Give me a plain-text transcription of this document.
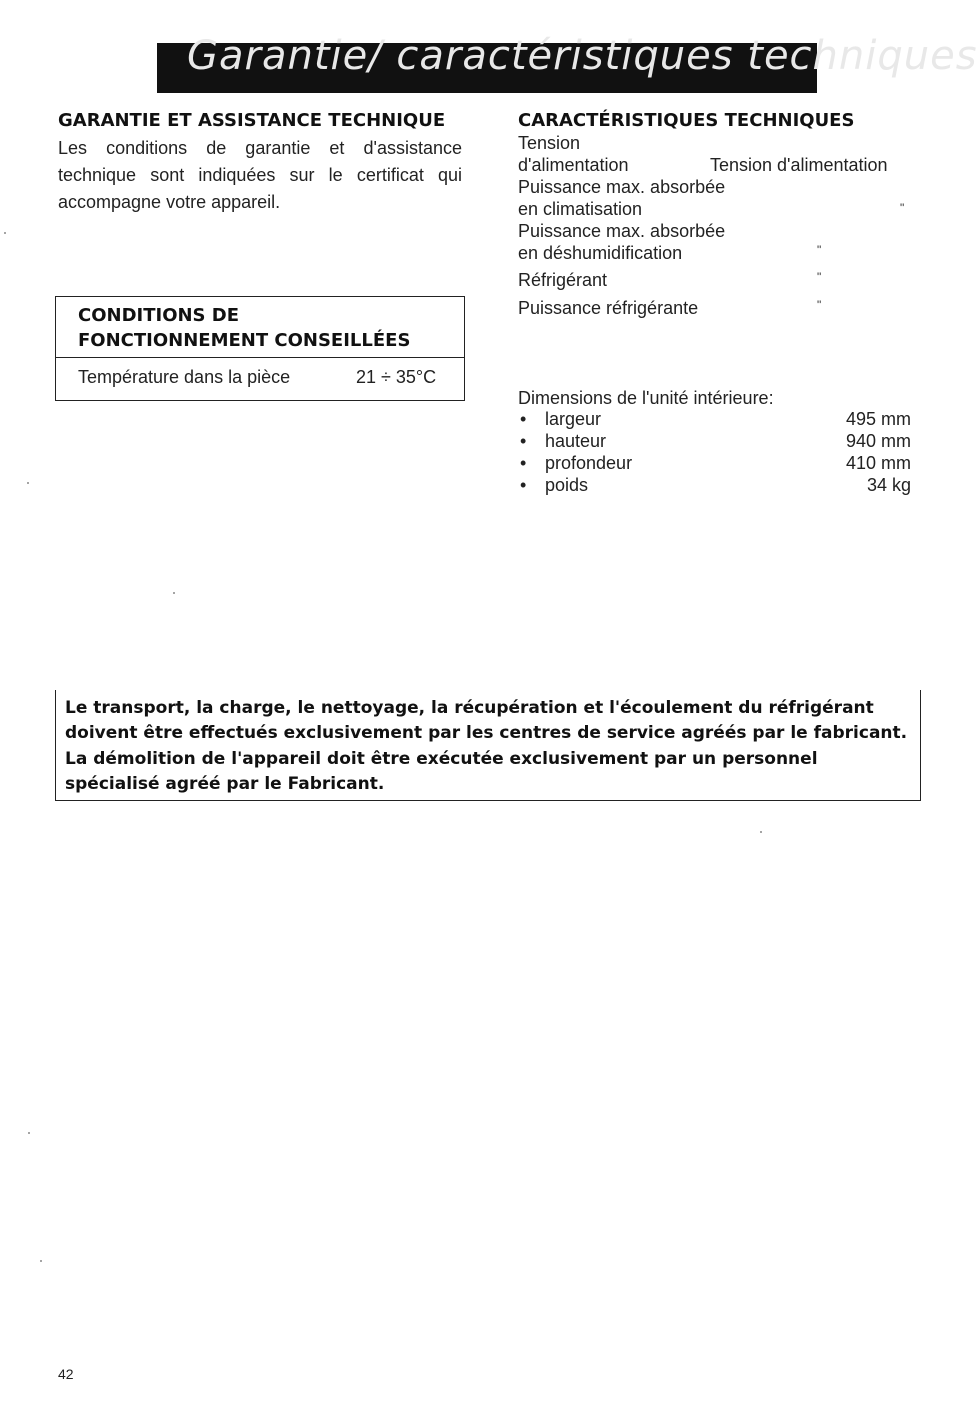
Garantie/ caractéristiques techniques
GARANTIE ET ASSISTANCE TECHNIQUE
Les conditions de garantie et d'assistance technique sont indiquées sur le certificat qui accompagne votre appareil.
CONDITIONS DE
FONCTIONNEMENT CONSEILLÉES
Température dans la pièce	21 ÷ 35°C
CARACTÉRISTIQUES TECHNIQUES
Tension
d'alimentation	Tension d'alimentation
Puissance max. absorbée
en climatisation	"
Puissance max. absorbée
en déshumidification	"
Réfrigérant	"
Puissance réfrigérante	"
Dimensions de l'unité intérieure:
• largeur	495 mm
• hauteur	940 mm
• profondeur	410 mm
• poids	34 kg
Le transport, la charge, le nettoyage, la récupération et l'écoulement du réfrigérant doivent être effectués exclusivement par les centres de service agréés par le fabricant.
La démolition de l'appareil doit être exécutée exclusivement par un personnel spécialisé agréé par le Fabricant.
42
